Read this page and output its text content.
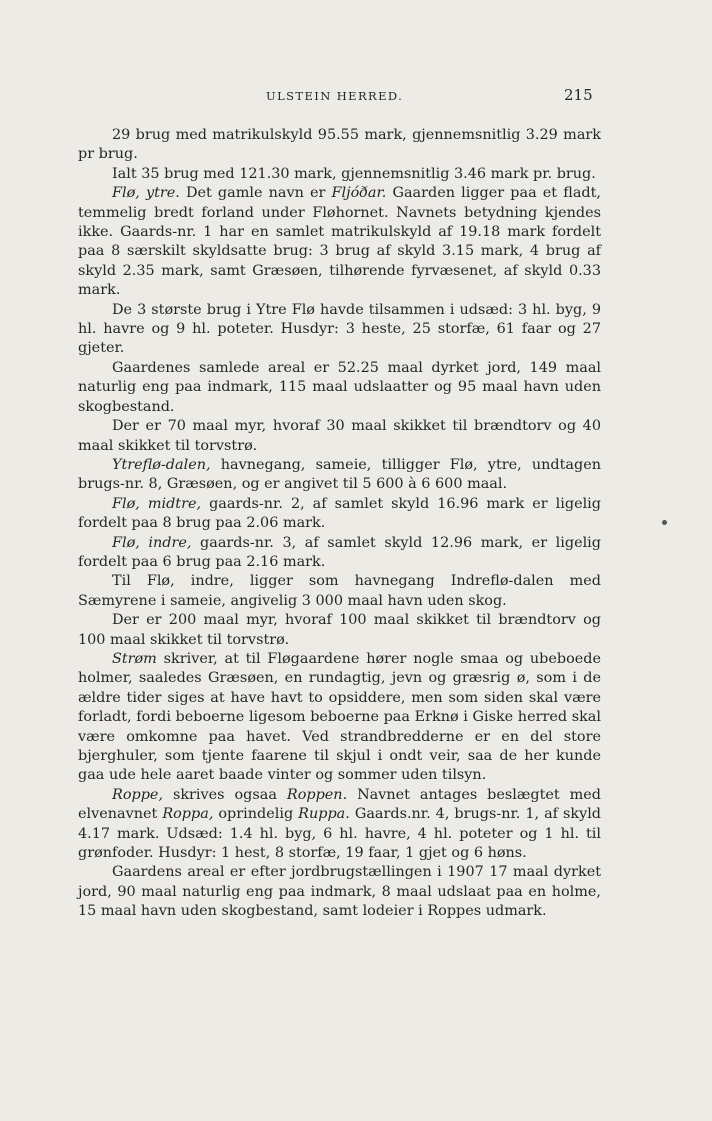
ULSTEIN HERRED.	215

29 brug med matrikulskyld 95.55 mark, gjennemsnitlig 3.29 mark pr brug.

Ialt 35 brug med 121.30 mark, gjennemsnitlig 3.46 mark pr. brug.

Flø, ytre. Det gamle navn er Fljóðar. Gaarden ligger paa et fladt, temmelig bredt forland under Fløhornet. Navnets betydning kjendes ikke. Gaards-nr. 1 har en samlet matrikulskyld af 19.18 mark fordelt paa 8 særskilt skyldsatte brug: 3 brug af skyld 3.15 mark, 4 brug af skyld 2.35 mark, samt Græsøen, tilhørende fyrvæsenet, af skyld 0.33 mark.

De 3 største brug i Ytre Flø havde tilsammen i udsæd: 3 hl. byg, 9 hl. havre og 9 hl. poteter. Husdyr: 3 heste, 25 storfæ, 61 faar og 27 gjeter.

Gaardenes samlede areal er 52.25 maal dyrket jord, 149 maal naturlig eng paa indmark, 115 maal udslaatter og 95 maal havn uden skogbestand.

Der er 70 maal myr, hvoraf 30 maal skikket til brændtorv og 40 maal skikket til torvstrø.

Ytreflø-dalen, havnegang, sameie, tilligger Flø, ytre, undtagen brugs-nr. 8, Græsøen, og er angivet til 5 600 à 6 600 maal.

Flø, midtre, gaards-nr. 2, af samlet skyld 16.96 mark er ligelig fordelt paa 8 brug paa 2.06 mark.

Flø, indre, gaards-nr. 3, af samlet skyld 12.96 mark, er ligelig fordelt paa 6 brug paa 2.16 mark.

Til Flø, indre, ligger som havnegang Indreflø-dalen med Sæmyrene i sameie, angivelig 3 000 maal havn uden skog.

Der er 200 maal myr, hvoraf 100 maal skikket til brændtorv og 100 maal skikket til torvstrø.

Strøm skriver, at til Fløgaardene hører nogle smaa og ubeboede holmer, saaledes Græsøen, en rundagtig, jevn og græsrig ø, som i de ældre tider siges at have havt to opsiddere, men som siden skal være forladt, fordi beboerne ligesom beboerne paa Erknø i Giske herred skal være omkomne paa havet. Ved strandbredderne er en del store bjerghuler, som tjente faarene til skjul i ondt veir, saa de her kunde gaa ude hele aaret baade vinter og sommer uden tilsyn.

Roppe, skrives ogsaa Roppen. Navnet antages beslægtet med elvenavnet Roppa, oprindelig Ruppa. Gaards.nr. 4, brugs-nr. 1, af skyld 4.17 mark. Udsæd: 1.4 hl. byg, 6 hl. havre, 4 hl. poteter og 1 hl. til grønfoder. Husdyr: 1 hest, 8 storfæ, 19 faar, 1 gjet og 6 høns.

Gaardens areal er efter jordbrugstællingen i 1907 17 maal dyrket jord, 90 maal naturlig eng paa indmark, 8 maal udslaat paa en holme, 15 maal havn uden skogbestand, samt lodeier i Roppes udmark.
